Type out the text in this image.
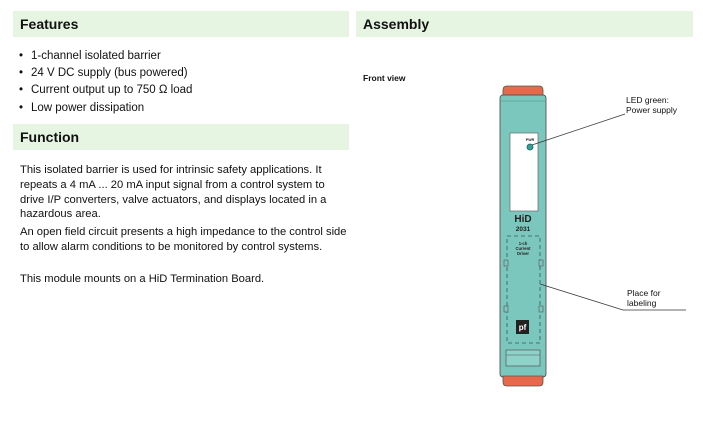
Features
• 1-channel isolated barrier
• 24 V DC supply (bus powered)
• Current output up to 750 Ω load
• Low power dissipation
Function

This isolated barrier is used for intrinsic safety applications. It repeats a 4 mA ... 20 mA input signal from a control system to drive I/P converters, valve actuators, and displays located in a hazardous area.

An open field circuit presents a high impedance to the control side to allow alarm conditions to be monitored by control systems.

This module mounts on a HiD Termination Board.

Assembly
Front view
PWR
HiD
2031
1-ch
Current
Driver
pf
LED green:
Power supply
Place for
labeling
